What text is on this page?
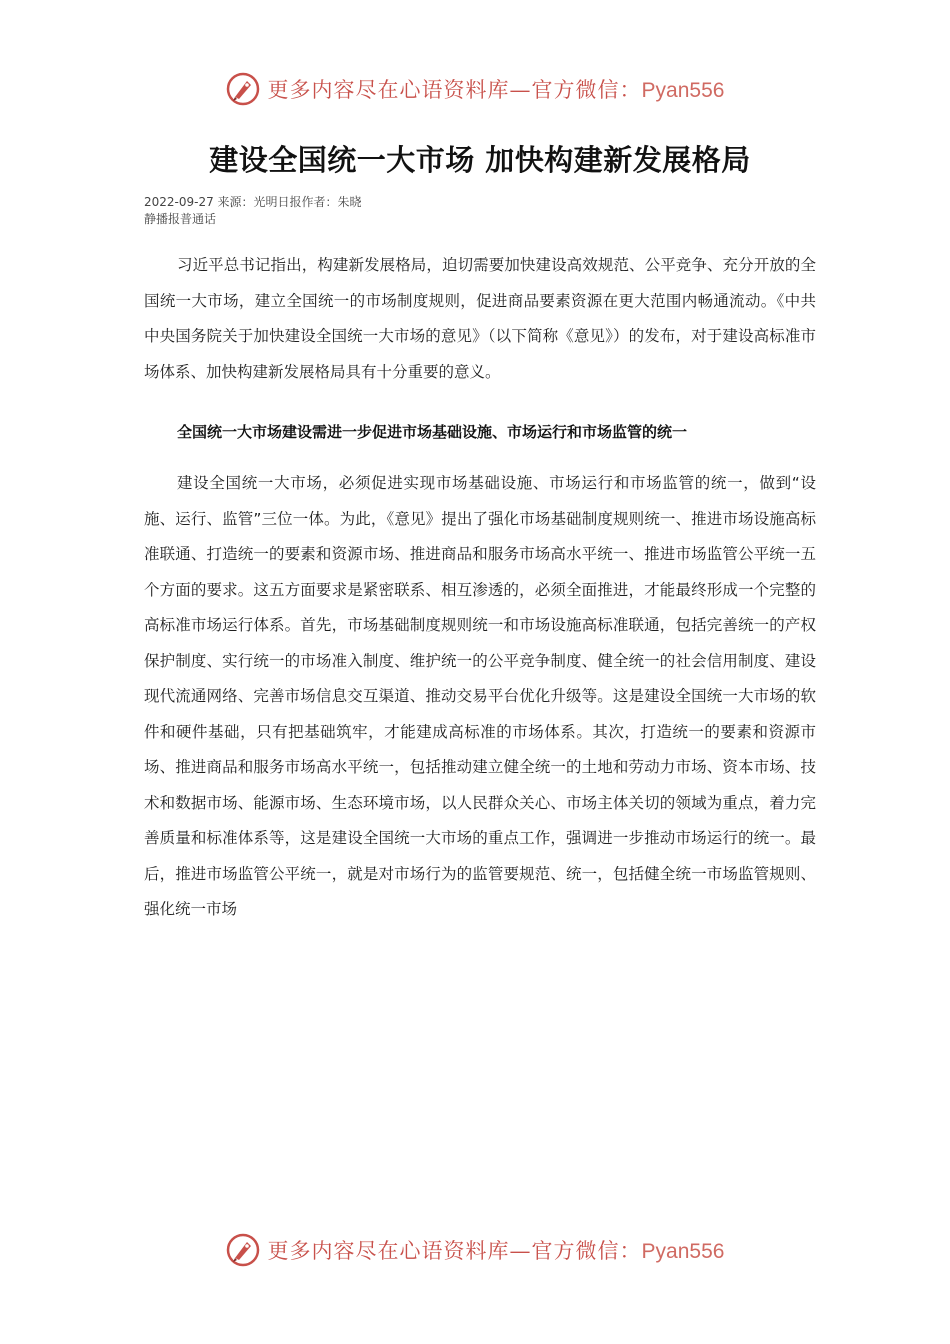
更多内容尽在心语资料库—官方微信：Pyan556
建设全国统一大市场 加快构建新发展格局
2022-09-27 来源：光明日报作者：朱晓
静播报普通话

习近平总书记指出，构建新发展格局，迫切需要加快建设高效规范、公平竞争、充分开放的全国统一大市场，建立全国统一的市场制度规则，促进商品要素资源在更大范围内畅通流动。《中共中央国务院关于加快建设全国统一大市场的意见》（以下简称《意见》）的发布，对于建设高标准市场体系、加快构建新发展格局具有十分重要的意义。

全国统一大市场建设需进一步促进市场基础设施、市场运行和市场监管的统一

建设全国统一大市场，必须促进实现市场基础设施、市场运行和市场监管的统一，做到“设施、运行、监管”三位一体。为此，《意见》提出了强化市场基础制度规则统一、推进市场设施高标准联通、打造统一的要素和资源市场、推进商品和服务市场高水平统一、推进市场监管公平统一五个方面的要求。这五方面要求是紧密联系、相互渗透的，必须全面推进，才能最终形成一个完整的高标准市场运行体系。首先，市场基础制度规则统一和市场设施高标准联通，包括完善统一的产权保护制度、实行统一的市场准入制度、维护统一的公平竞争制度、健全统一的社会信用制度、建设现代流通网络、完善市场信息交互渠道、推动交易平台优化升级等。这是建设全国统一大市场的软件和硬件基础，只有把基础筑牢，才能建成高标准的市场体系。其次，打造统一的要素和资源市场、推进商品和服务市场高水平统一，包括推动建立健全统一的土地和劳动力市场、资本市场、技术和数据市场、能源市场、生态环境市场，以人民群众关心、市场主体关切的领域为重点，着力完善质量和标准体系等，这是建设全国统一大市场的重点工作，强调进一步推动市场运行的统一。最后，推进市场监管公平统一，就是对市场行为的监管要规范、统一，包括健全统一市场监管规则、强化统一市场

更多内容尽在心语资料库—官方微信：Pyan556
